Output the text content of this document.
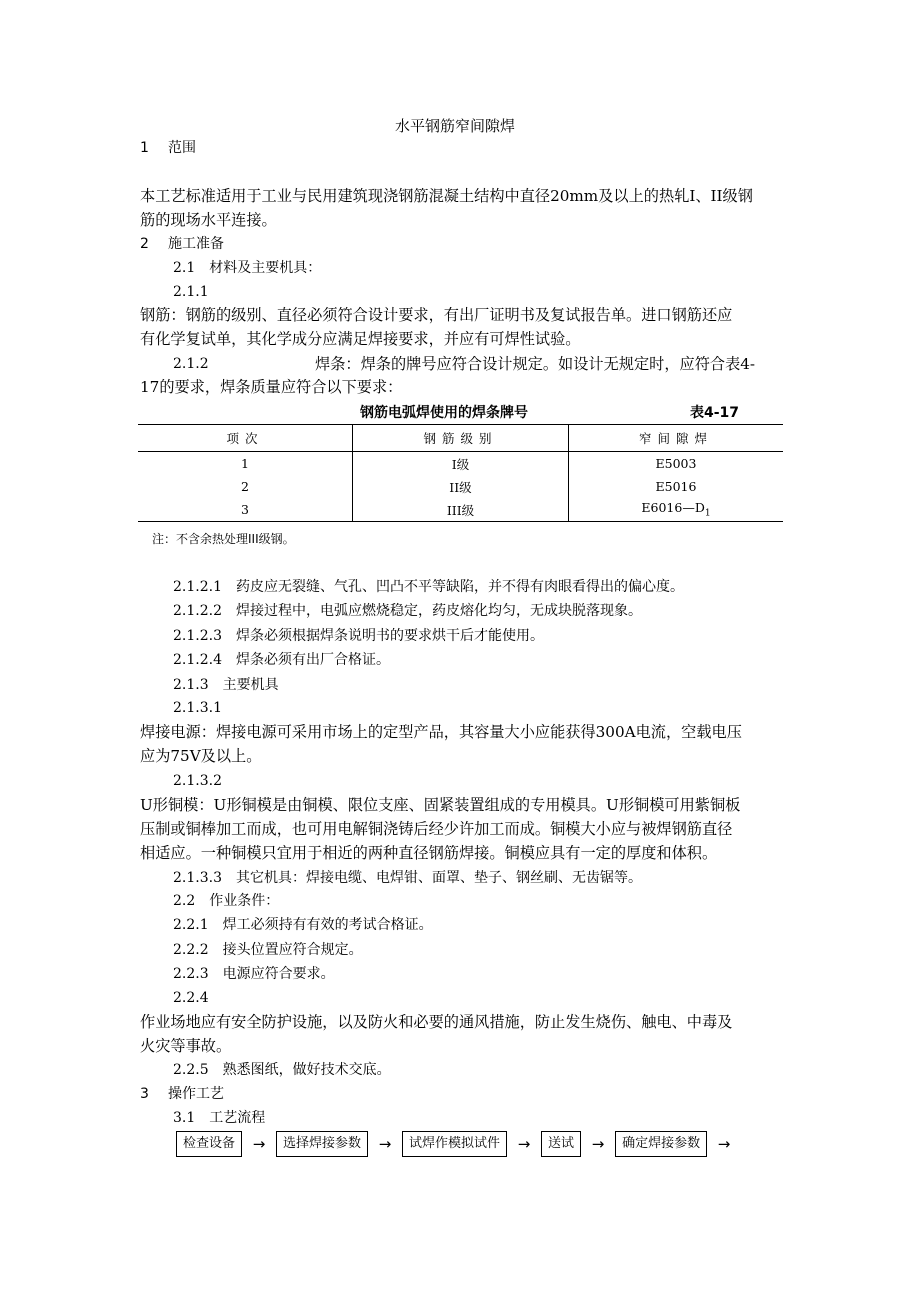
水平钢筋窄间隙焊
1 范围
本工艺标准适用于工业与民用建筑现浇钢筋混凝土结构中直径20mm及以上的热轧I、II级钢
筋的现场水平连接。
2 施工准备
2.1　材料及主要机具：
2.1.1
钢筋：钢筋的级别、直径必须符合设计要求，有出厂证明书及复试报告单。进口钢筋还应
有化学复试单，其化学成分应满足焊接要求，并应有可焊性试验。
2.1.2	焊条：焊条的牌号应符合设计规定。如设计无规定时，应符合表4-
17的要求，焊条质量应符合以下要求：
钢筋电弧焊使用的焊条牌号	表4-17
项次	钢筋级别	窄间隙焊
1	I级	E5003
2	II级	E5016
3	III级	$E6016—D_1$
注：不含余热处理III级钢。
2.1.2.1　药皮应无裂缝、气孔、凹凸不平等缺陷，并不得有肉眼看得出的偏心度。
2.1.2.2　焊接过程中，电弧应燃烧稳定，药皮熔化均匀，无成块脱落现象。
2.1.2.3　焊条必须根据焊条说明书的要求烘干后才能使用。
2.1.2.4　焊条必须有出厂合格证。
2.1.3　主要机具
2.1.3.1
焊接电源：焊接电源可采用市场上的定型产品，其容量大小应能获得300A电流，空载电压
应为75V及以上。
2.1.3.2
U形铜模：U形铜模是由铜模、限位支座、固紧装置组成的专用模具。U形铜模可用紫铜板
压制或铜棒加工而成，也可用电解铜浇铸后经少许加工而成。铜模大小应与被焊钢筋直径
相适应。一种铜模只宜用于相近的两种直径钢筋焊接。铜模应具有一定的厚度和体积。
2.1.3.3　其它机具：焊接电缆、电焊钳、面罩、垫子、钢丝刷、无齿锯等。
2.2　作业条件：
2.2.1　焊工必须持有有效的考试合格证。
2.2.2　接头位置应符合规定。
2.2.3　电源应符合要求。
2.2.4
作业场地应有安全防护设施，以及防火和必要的通风措施，防止发生烧伤、触电、中毒及
火灾等事故。
2.2.5　熟悉图纸，做好技术交底。
3 操作工艺
3.1　工艺流程
检查设备	→	选择焊接参数	→	试焊作模拟试件	→	送试	→	确定焊接参数	→
